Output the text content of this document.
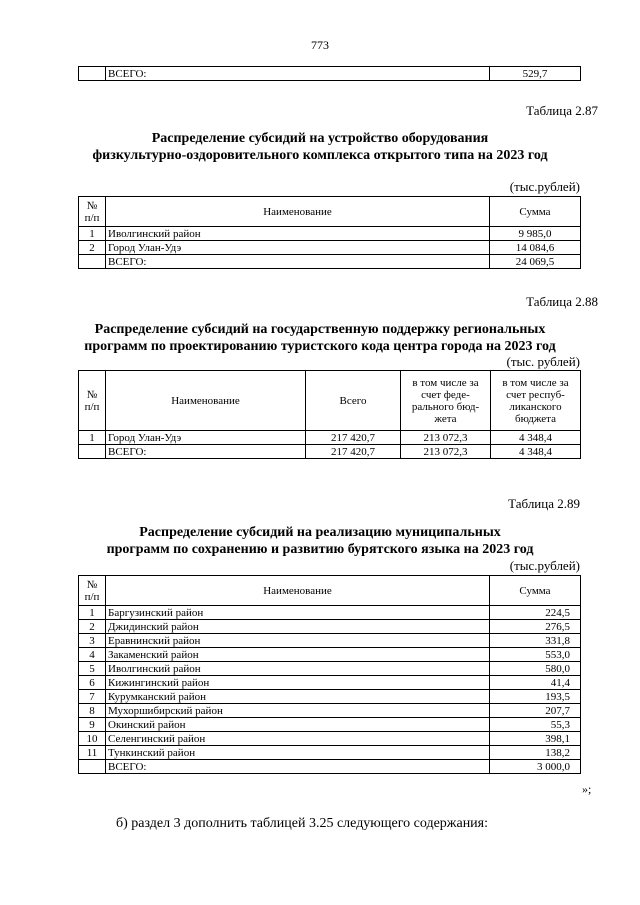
773
	ВСЕГО:	529,7
Таблица 2.87
Распределение субсидий на устройство оборудования
физкультурно-оздоровительного комплекса открытого типа на 2023 год
(тыс.рублей)
№ п/п	Наименование	Сумма
1	Иволгинский район	9 985,0
2	Город Улан-Удэ	14 084,6
	ВСЕГО:	24 069,5
Таблица 2.88
Распределение субсидий на государственную поддержку региональных
программ по проектированию туристского кода центра города на 2023 год
(тыс. рублей)
№ п/п	Наименование	Всего	в том числе за счет феде-рального бюд-жета	в том числе за счет респуб-ликанского бюджета
1	Город Улан-Удэ	217 420,7	213 072,3	4 348,4
	ВСЕГО:	217 420,7	213 072,3	4 348,4
Таблица 2.89
Распределение субсидий на реализацию муниципальных
программ по сохранению и развитию бурятского языка на 2023 год
(тыс.рублей)
№ п/п	Наименование	Сумма
1	Баргузинский район	224,5
2	Джидинский район	276,5
3	Еравнинский район	331,8
4	Закаменский район	553,0
5	Иволгинский район	580,0
6	Кижингинский район	41,4
7	Курумканский район	193,5
8	Мухоршибирский район	207,7
9	Окинский район	55,3
10	Селенгинский район	398,1
11	Тункинский район	138,2
	ВСЕГО:	3 000,0
»;
б) раздел 3 дополнить таблицей 3.25 следующего содержания:
